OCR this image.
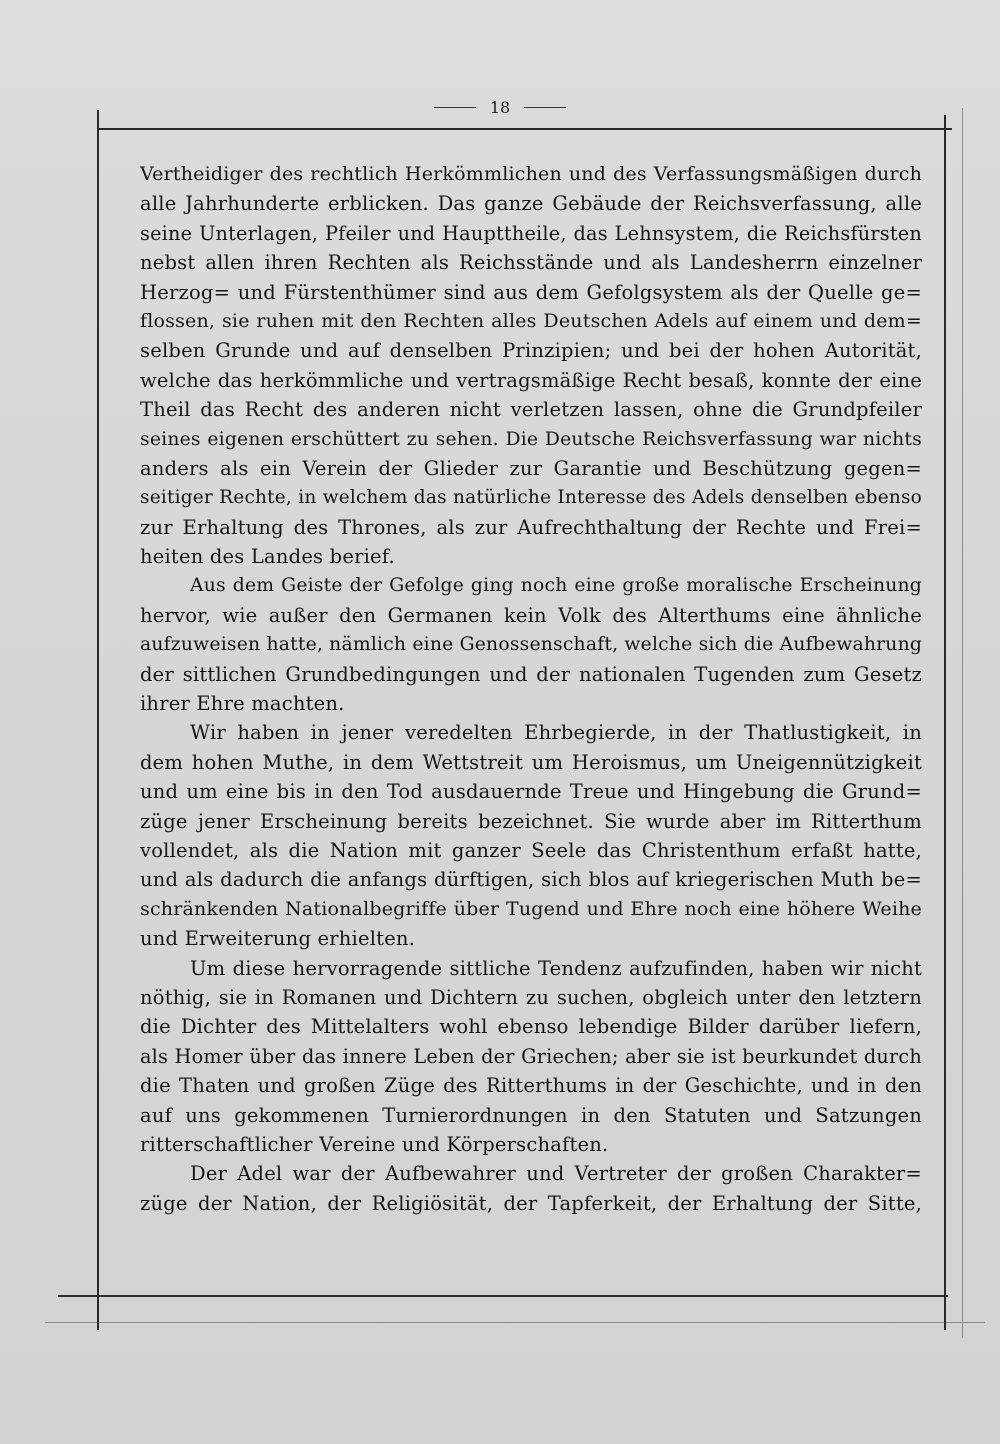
18
Vertheidiger des rechtlich Herkömmlichen und des Verfassungsmäßigen durch
alle Jahrhunderte erblicken. Das ganze Gebäude der Reichsverfassung, alle
seine Unterlagen, Pfeiler und Haupttheile, das Lehnsystem, die Reichsfürsten
nebst allen ihren Rechten als Reichsstände und als Landesherrn einzelner
Herzog= und Fürstenthümer sind aus dem Gefolgsystem als der Quelle ge=
flossen, sie ruhen mit den Rechten alles Deutschen Adels auf einem und dem=
selben Grunde und auf denselben Prinzipien; und bei der hohen Autorität,
welche das herkömmliche und vertragsmäßige Recht besaß, konnte der eine
Theil das Recht des anderen nicht verletzen lassen, ohne die Grundpfeiler
seines eigenen erschüttert zu sehen. Die Deutsche Reichsverfassung war nichts
anders als ein Verein der Glieder zur Garantie und Beschützung gegen=
seitiger Rechte, in welchem das natürliche Interesse des Adels denselben ebenso
zur Erhaltung des Thrones, als zur Aufrechthaltung der Rechte und Frei=
heiten des Landes berief.
Aus dem Geiste der Gefolge ging noch eine große moralische Erscheinung
hervor, wie außer den Germanen kein Volk des Alterthums eine ähnliche
aufzuweisen hatte, nämlich eine Genossenschaft, welche sich die Aufbewahrung
der sittlichen Grundbedingungen und der nationalen Tugenden zum Gesetz
ihrer Ehre machten.
Wir haben in jener veredelten Ehrbegierde, in der Thatlustigkeit, in
dem hohen Muthe, in dem Wettstreit um Heroismus, um Uneigennützigkeit
und um eine bis in den Tod ausdauernde Treue und Hingebung die Grund=
züge jener Erscheinung bereits bezeichnet. Sie wurde aber im Ritterthum
vollendet, als die Nation mit ganzer Seele das Christenthum erfaßt hatte,
und als dadurch die anfangs dürftigen, sich blos auf kriegerischen Muth be=
schränkenden Nationalbegriffe über Tugend und Ehre noch eine höhere Weihe
und Erweiterung erhielten.
Um diese hervorragende sittliche Tendenz aufzufinden, haben wir nicht
nöthig, sie in Romanen und Dichtern zu suchen, obgleich unter den letztern
die Dichter des Mittelalters wohl ebenso lebendige Bilder darüber liefern,
als Homer über das innere Leben der Griechen; aber sie ist beurkundet durch
die Thaten und großen Züge des Ritterthums in der Geschichte, und in den
auf uns gekommenen Turnierordnungen in den Statuten und Satzungen
ritterschaftlicher Vereine und Körperschaften.
Der Adel war der Aufbewahrer und Vertreter der großen Charakter=
züge der Nation, der Religiösität, der Tapferkeit, der Erhaltung der Sitte,
